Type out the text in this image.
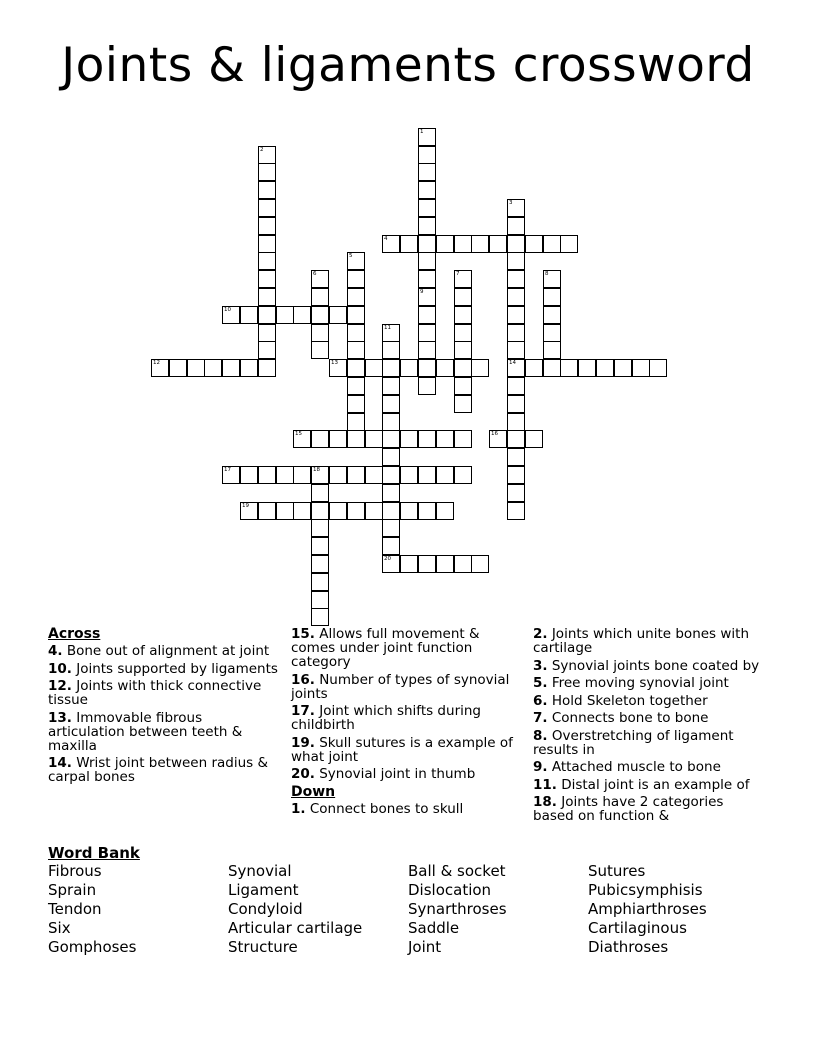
Joints & ligaments crossword
1
9
2
3
14
4
5
6	7	8
10
11
20
12	13
15	16
17	18
19
Across
4. Bone out of alignment at joint
10. Joints supported by ligaments
12. Joints with thick connective tissue
13. Immovable fibrous articulation between teeth & maxilla
14. Wrist joint between radius & carpal bones
15. Allows full movement & comes under joint function category
16. Number of types of synovial joints
17. Joint which shifts during childbirth
19. Skull sutures is a example of what joint
20. Synovial joint in thumb
Down
1. Connect bones to skull
2. Joints which unite bones with cartilage
3. Synovial joints bone coated by
5. Free moving synovial joint
6. Hold Skeleton together
7. Connects bone to bone
8. Overstretching of ligament results in
9. Attached muscle to bone
11. Distal joint is an example of
18. Joints have 2 categories based on function &
Word Bank
Fibrous
Sprain
Tendon
Six
Gomphoses
Synovial
Ligament
Condyloid
Articular cartilage
Structure
Ball & socket
Dislocation
Synarthroses
Saddle
Joint
Sutures
Pubicsymphisis
Amphiarthroses
Cartilaginous
Diathroses
